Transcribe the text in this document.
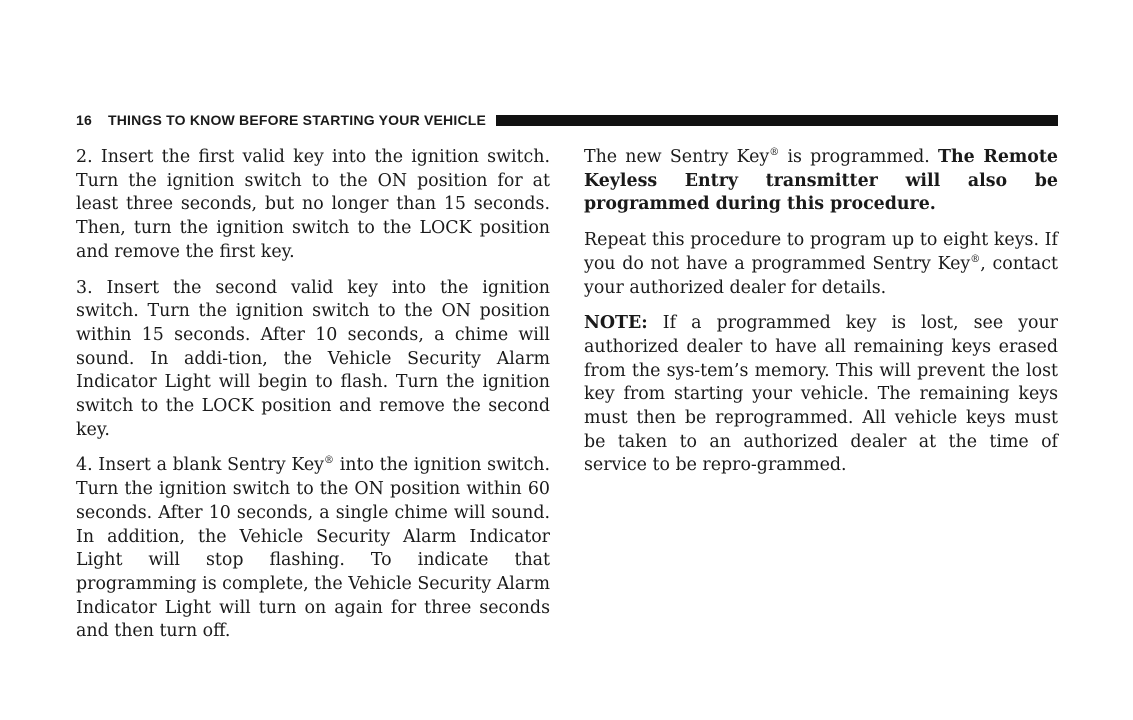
16 THINGS TO KNOW BEFORE STARTING YOUR VEHICLE

2. Insert the first valid key into the ignition switch. Turn the ignition switch to the ON position for at least three seconds, but no longer than 15 seconds. Then, turn the ignition switch to the LOCK position and remove the first key.

3. Insert the second valid key into the ignition switch. Turn the ignition switch to the ON position within 15 seconds. After 10 seconds, a chime will sound. In addi-tion, the Vehicle Security Alarm Indicator Light will begin to flash. Turn the ignition switch to the LOCK position and remove the second key.

4. Insert a blank Sentry Key® into the ignition switch. Turn the ignition switch to the ON position within 60 seconds. After 10 seconds, a single chime will sound. In addition, the Vehicle Security Alarm Indicator Light will stop flashing. To indicate that programming is complete, the Vehicle Security Alarm Indicator Light will turn on again for three seconds and then turn off.

The new Sentry Key® is programmed. The Remote Keyless Entry transmitter will also be programmed during this procedure.

Repeat this procedure to program up to eight keys. If you do not have a programmed Sentry Key®, contact your authorized dealer for details.

NOTE: If a programmed key is lost, see your authorized dealer to have all remaining keys erased from the sys-tem’s memory. This will prevent the lost key from starting your vehicle. The remaining keys must then be reprogrammed. All vehicle keys must be taken to an authorized dealer at the time of service to be repro-grammed.
